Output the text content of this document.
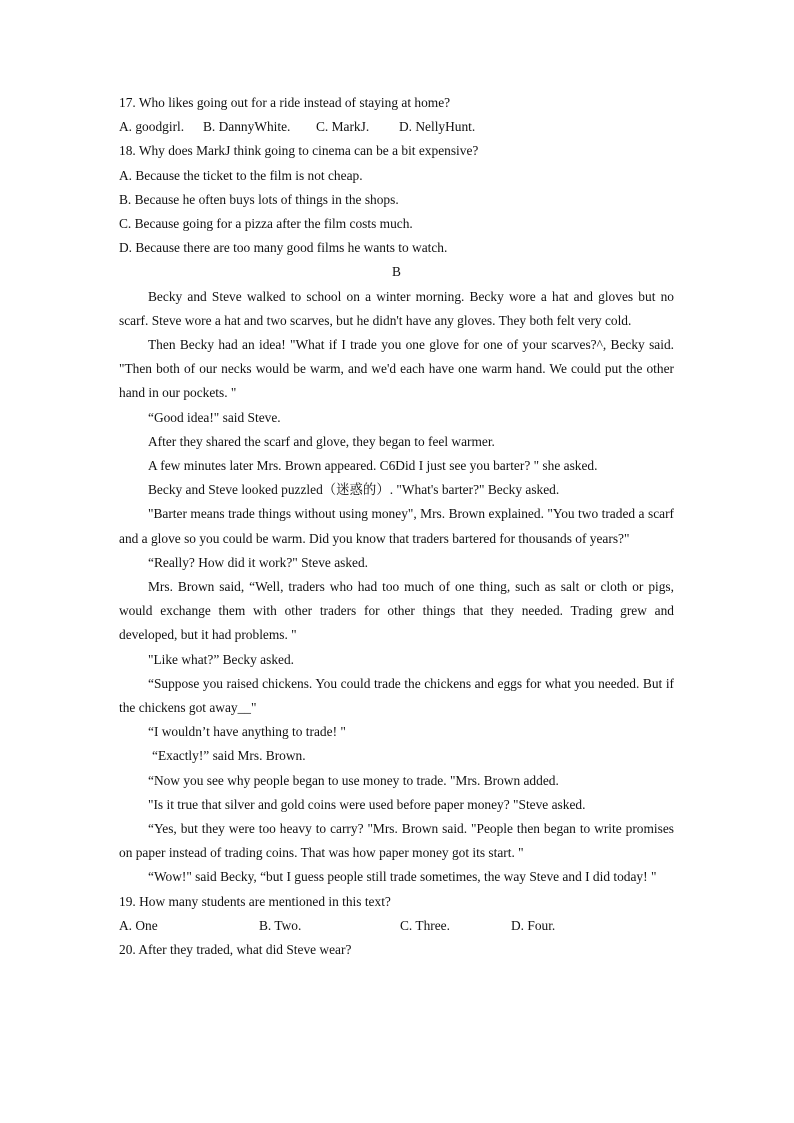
17. Who likes going out for a ride instead of staying at home?
A. goodgirl.	B. DannyWhite.	C. MarkJ.	D. NellyHunt.
18. Why does MarkJ think going to cinema can be a bit expensive?
A. Because the ticket to the film is not cheap.
B. Because he often buys lots of things in the shops.
C. Because going for a pizza after the film costs much.
D. Because there are too many good films he wants to watch.
B

Becky and Steve walked to school on a winter morning. Becky wore a hat and gloves but no scarf. Steve wore a hat and two scarves, but he didn't have any gloves. They both felt very cold.

Then Becky had an idea! "What if I trade you one glove for one of your scarves?^, Becky said. "Then both of our necks would be warm, and we'd each have one warm hand. We could put the other hand in our pockets. "

“Good idea!" said Steve.

After they shared the scarf and glove, they began to feel warmer.

A few minutes later Mrs. Brown appeared. C6Did I just see you barter? " she asked.

Becky and Steve looked puzzled（迷惑的）. "What's barter?" Becky asked.

"Barter means trade things without using money", Mrs. Brown explained. "You two traded a scarf and a glove so you could be warm. Did you know that traders bartered for thousands of years?"

“Really? How did it work?" Steve asked.

Mrs. Brown said, “Well, traders who had too much of one thing, such as salt or cloth or pigs, would exchange them with other traders for other things that they needed. Trading grew and developed, but it had problems. "

"Like what?” Becky asked.

“Suppose you raised chickens. You could trade the chickens and eggs for what you needed. But if the chickens got away__"

“I wouldn’t have anything to trade! "

“Exactly!” said Mrs. Brown.

“Now you see why people began to use money to trade. "Mrs. Brown added.

"Is it true that silver and gold coins were used before paper money? "Steve asked.

“Yes, but they were too heavy to carry? "Mrs. Brown said. "People then began to write promises on paper instead of trading coins. That was how paper money got its start. "

“Wow!" said Becky, “but I guess people still trade sometimes, the way Steve and I did today! "

19. How many students are mentioned in this text?
A. One	B. Two.	C. Three.	D. Four.
20. After they traded, what did Steve wear?
